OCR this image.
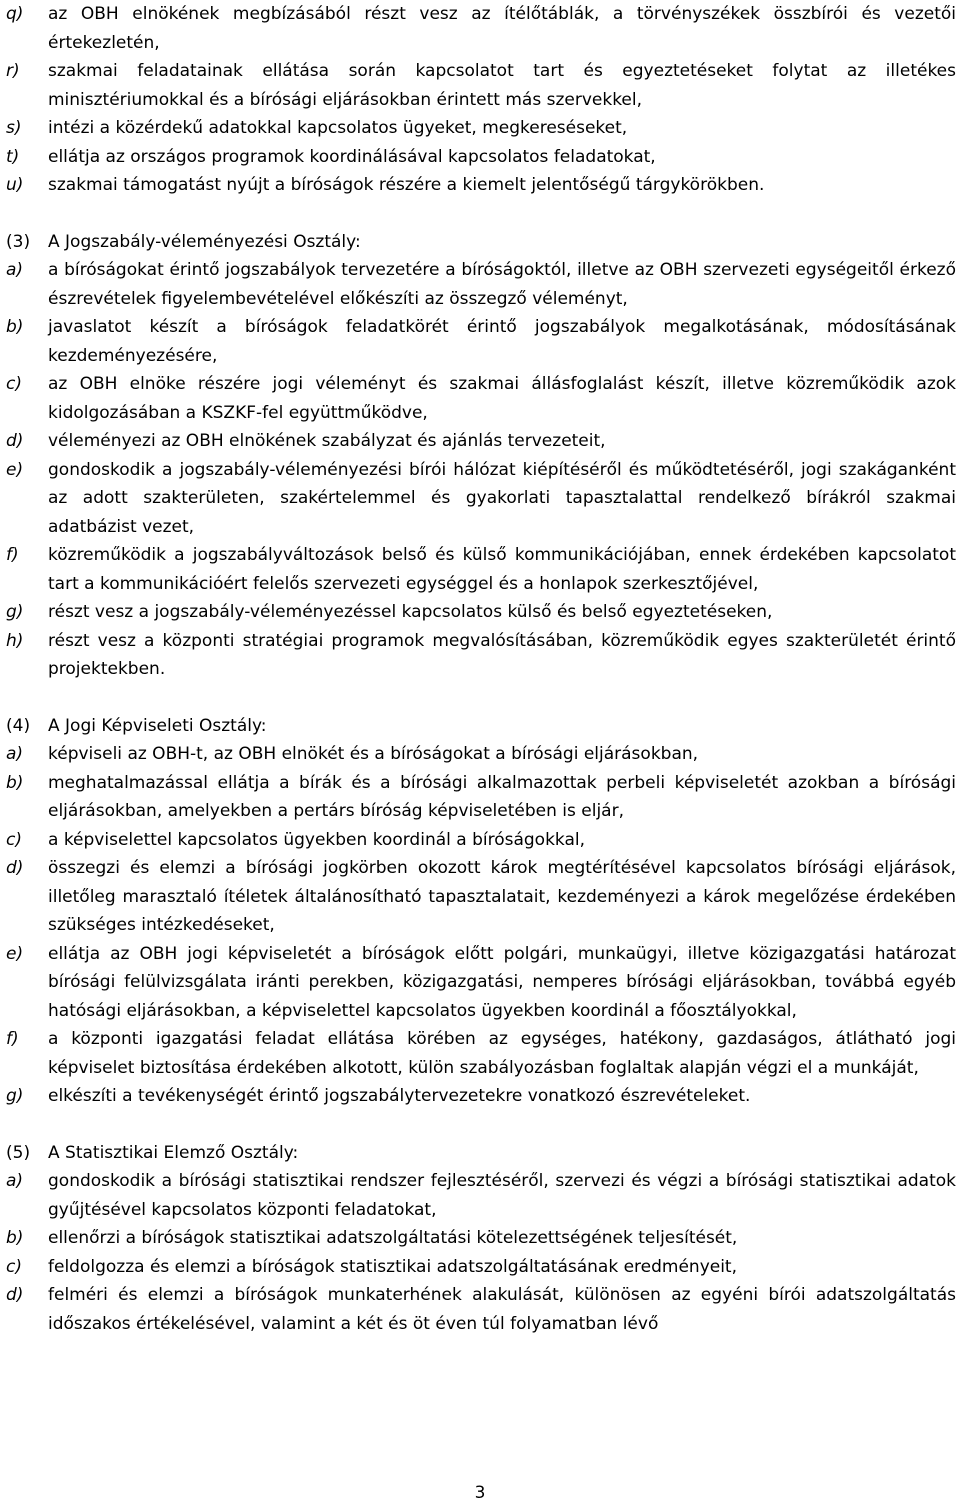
q) az OBH elnökének megbízásából részt vesz az ítélőtáblák, a törvényszékek összbírói és vezetői értekezletén,
r) szakmai feladatainak ellátása során kapcsolatot tart és egyeztetéseket folytat az illetékes minisztériumokkal és a bírósági eljárásokban érintett más szervekkel,
s) intézi a közérdekű adatokkal kapcsolatos ügyeket, megkereséseket,
t) ellátja az országos programok koordinálásával kapcsolatos feladatokat,
u) szakmai támogatást nyújt a bíróságok részére a kiemelt jelentőségű tárgykörökben.
(3) A Jogszabály-véleményezési Osztály:
a) a bíróságokat érintő jogszabályok tervezetére a bíróságoktól, illetve az OBH szervezeti egységeitől érkező észrevételek figyelembevételével előkészíti az összegző véleményt,
b) javaslatot készít a bíróságok feladatkörét érintő jogszabályok megalkotásának, módosításának kezdeményezésére,
c) az OBH elnöke részére jogi véleményt és szakmai állásfoglalást készít, illetve közreműködik azok kidolgozásában a KSZKF-fel együttműködve,
d) véleményezi az OBH elnökének szabályzat és ajánlás tervezeteit,
e) gondoskodik a jogszabály-véleményezési bírói hálózat kiépítéséről és működtetéséről, jogi szakáganként az adott szakterületen, szakértelemmel és gyakorlati tapasztalattal rendelkező bírákról szakmai adatbázist vezet,
f) közreműködik a jogszabályváltozások belső és külső kommunikációjában, ennek érdekében kapcsolatot tart a kommunikációért felelős szervezeti egységgel és a honlapok szerkesztőjével,
g) részt vesz a jogszabály-véleményezéssel kapcsolatos külső és belső egyeztetéseken,
h) részt vesz a központi stratégiai programok megvalósításában, közreműködik egyes szakterületét érintő projektekben.
(4) A Jogi Képviseleti Osztály:
a) képviseli az OBH-t, az OBH elnökét és a bíróságokat a bírósági eljárásokban,
b) meghatalmazással ellátja a bírák és a bírósági alkalmazottak perbeli képviseletét azokban a bírósági eljárásokban, amelyekben a pertárs bíróság képviseletében is eljár,
c) a képviselettel kapcsolatos ügyekben koordinál a bíróságokkal,
d) összegzi és elemzi a bírósági jogkörben okozott károk megtérítésével kapcsolatos bírósági eljárások, illetőleg marasztaló ítéletek általánosítható tapasztalatait, kezdeményezi a károk megelőzése érdekében szükséges intézkedéseket,
e) ellátja az OBH jogi képviseletét a bíróságok előtt polgári, munkaügyi, illetve közigazgatási határozat bírósági felülvizsgálata iránti perekben, közigazgatási, nemperes bírósági eljárásokban, továbbá egyéb hatósági eljárásokban, a képviselettel kapcsolatos ügyekben koordinál a főosztályokkal,
f) a központi igazgatási feladat ellátása körében az egységes, hatékony, gazdaságos, átlátható jogi képviselet biztosítása érdekében alkotott, külön szabályozásban foglaltak alapján végzi el a munkáját,
g) elkészíti a tevékenységét érintő jogszabálytervezetekre vonatkozó észrevételeket.
(5) A Statisztikai Elemző Osztály:
a) gondoskodik a bírósági statisztikai rendszer fejlesztéséről, szervezi és végzi a bírósági statisztikai adatok gyűjtésével kapcsolatos központi feladatokat,
b) ellenőrzi a bíróságok statisztikai adatszolgáltatási kötelezettségének teljesítését,
c) feldolgozza és elemzi a bíróságok statisztikai adatszolgáltatásának eredményeit,
d) felméri és elemzi a bíróságok munkaterhének alakulását, különösen az egyéni bírói adatszolgáltatás időszakos értékelésével, valamint a két és öt éven túl folyamatban lévő
3
